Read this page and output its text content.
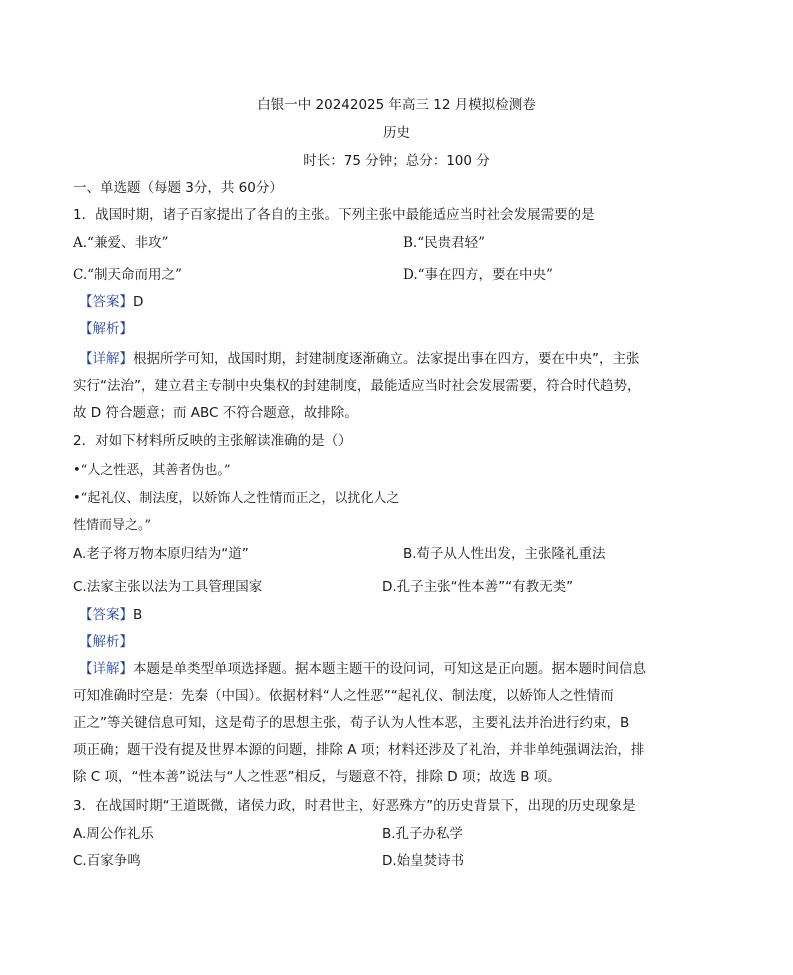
白银一中 20242025 年高三 12 月模拟检测卷
历史
时长：75 分钟；总分：100 分
一、单选题（每题 3分，共 60分）
1．战国时期，诸子百家提出了各自的主张。下列主张中最能适应当时社会发展需要的是
A.“兼爱、非攻”	B.“民贵君轻”
C.“制天命而用之”	D.“事在四方，要在中央”
【答案】D
【解析】
【详解】根据所学可知，战国时期，封建制度逐渐确立。法家提出事在四方，要在中央”，主张
实行“法治”，建立君主专制中央集权的封建制度，最能适应当时社会发展需要，符合时代趋势，
故 D 符合题意；而 ABC 不符合题意，故排除。
2．对如下材料所反映的主张解读准确的是（）
•“人之性恶，其善者伪也。”
•“起礼仪、制法度，以娇饰人之性情而正之，以扰化人之
性情而导之。”
A.老子将万物本原归结为“道”	B.荀子从人性出发，主张隆礼重法
C.法家主张以法为工具管理国家	D.孔子主张“性本善”“有教无类”
【答案】B
【解析】
【详解】本题是单类型单项选择题。据本题主题干的设问词，可知这是正向题。据本题时间信息
可知准确时空是：先秦（中国）。依据材料“人之性恶”“起礼仪、制法度，以娇饰人之性情而
正之”等关键信息可知，这是荀子的思想主张，荀子认为人性本恶，主要礼法并治进行约束，B
项正确；题干没有提及世界本源的问题，排除 A 项；材料还涉及了礼治，并非单纯强调法治，排
除 C 项，“性本善”说法与“人之性恶”相反，与题意不符，排除 D 项；故选 B 项。
3．在战国时期“王道既微，诸侯力政，时君世主，好恶殊方”的历史背景下，出现的历史现象是
A.周公作礼乐	B.孔子办私学
C.百家争鸣	D.始皇焚诗书
